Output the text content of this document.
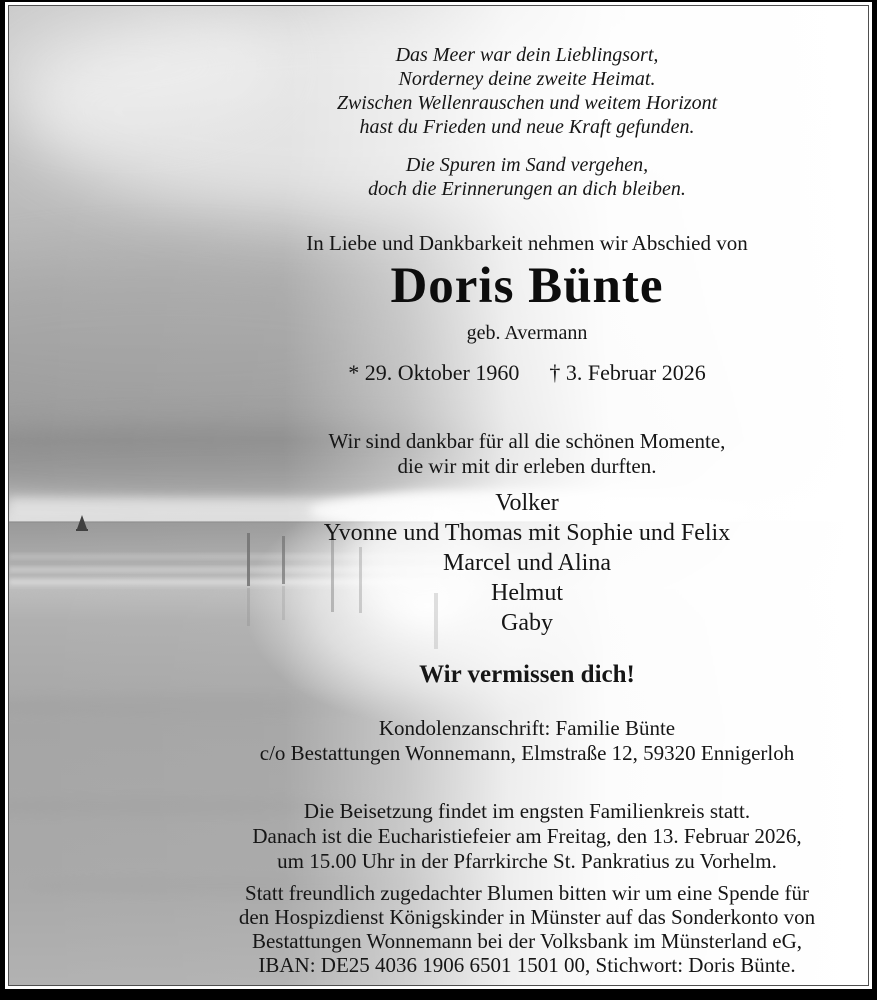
Das Meer war dein Lieblingsort,
Norderney deine zweite Heimat.
Zwischen Wellenrauschen und weitem Horizont
hast du Frieden und neue Kraft gefunden.
Die Spuren im Sand vergehen,
doch die Erinnerungen an dich bleiben.
In Liebe und Dankbarkeit nehmen wir Abschied von
Doris Bünte
geb. Avermann
* 29. Oktober 1960 † 3. Februar 2026
Wir sind dankbar für all die schönen Momente,
die wir mit dir erleben durften.
Volker
Yvonne und Thomas mit Sophie und Felix
Marcel und Alina
Helmut
Gaby
Wir vermissen dich!
Kondolenzanschrift: Familie Bünte
c/o Bestattungen Wonnemann, Elmstraße 12, 59320 Ennigerloh
Die Beisetzung findet im engsten Familienkreis statt.
Danach ist die Eucharistiefeier am Freitag, den 13. Februar 2026,
um 15.00 Uhr in der Pfarrkirche St. Pankratius zu Vorhelm.
Statt freundlich zugedachter Blumen bitten wir um eine Spende für
den Hospizdienst Königskinder in Münster auf das Sonderkonto von
Bestattungen Wonnemann bei der Volksbank im Münsterland eG,
IBAN: DE25 4036 1906 6501 1501 00, Stichwort: Doris Bünte.
